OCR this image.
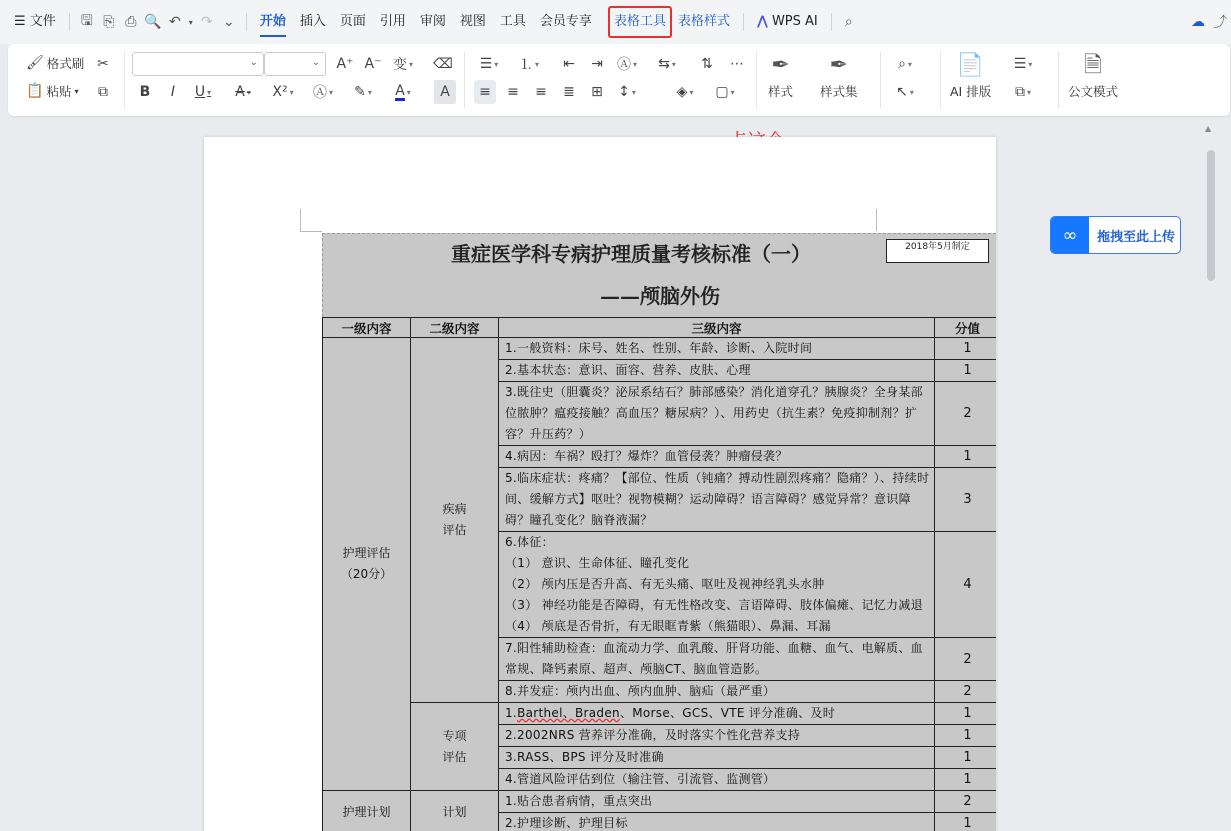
☰ 文件	🖫 ⎘ ⎙ 🔍 ↶	▾ ↷ ⌄	开始	插入	页面	引用	审阅	视图	工具	会员专享	表格工具 表格样式	⋀ WPS AI	⌕	☁ ⤴
🖌 格式刷 ✂
📋 粘贴 ▾	⧉
⌄	⌄ A⁺ A⁻ 变 ▾ ⌫
B	I	U ▾ A ▾ X² ▾ Ⓐ ▾ ✎ ▾ A ▾	A
☰ ▾ ⒈ ▾	⇤	⇥	Ⓐ ▾ ⇆ ▾	⇅	⋯
≡	≡	≡	≣	⊞	↕ ▾	◈ ▾ ▢ ▾
✒
样式
✒
样式集
⌕ ▾
↖ ▾
📄
AI 排版
☰ ▾
⧉ ▾
🗎
公文模式
重症医学科专病护理质量考核标准（一）	2018年5月制定
——颅脑外伤
一级内容	二级内容	三级内容	分值

护理评估
（20分）	疾病
评估	1.一般资料：床号、姓名、性别、年龄、诊断、入院时间	1
		2.基本状态：意识、面容、营养、皮肤、心理	1
		3.既往史（胆囊炎？泌尿系结石？肺部感染？消化道穿孔？胰腺炎？全身某部位脓肿？瘟疫接触？高血压？糖尿病？）、用药史（抗生素？免疫抑制剂？扩容？升压药？）	2
		4.病因：车祸？殴打？爆炸？血管侵袭？肿瘤侵袭？	1
		5.临床症状：疼痛？【部位、性质（钝痛？搏动性剧烈疼痛？隐痛？）、持续时间、缓解方式】呕吐？视物模糊？运动障碍？语言障碍？感觉异常？意识障碍？瞳孔变化？脑脊液漏？	3

		6.体征：
（1） 意识、生命体征、瞳孔变化
（2） 颅内压是否升高、有无头痛、呕吐及视神经乳头水肿
（3） 神经功能是否障碍，有无性格改变、言语障碍、肢体偏瘫、记忆力减退
（4） 颅底是否骨折，有无眼眶青紫（熊猫眼）、鼻漏、耳漏	4
		7.阳性辅助检查：血流动力学、血乳酸、肝肾功能、血糖、血气、电解质、血常规、降钙素原、超声、颅脑CT、脑血管造影。	2
		8.并发症：颅内出血、颅内血肿、脑疝（最严重）	2

	专项
评估	1.Barthel、Braden、Morse、GCS、VTE 评分准确、及时	1
		2.2002NRS 营养评分准确，及时落实个性化营养支持	1
		3.RASS、BPS 评分及时准确	1
		4.管道风险评估到位（输注管、引流管、监测管）	1
护理计划	计划	1.贴合患者病情，重点突出	2
		2.护理诊断、护理目标	1
∞	拖拽至此上传
▲
